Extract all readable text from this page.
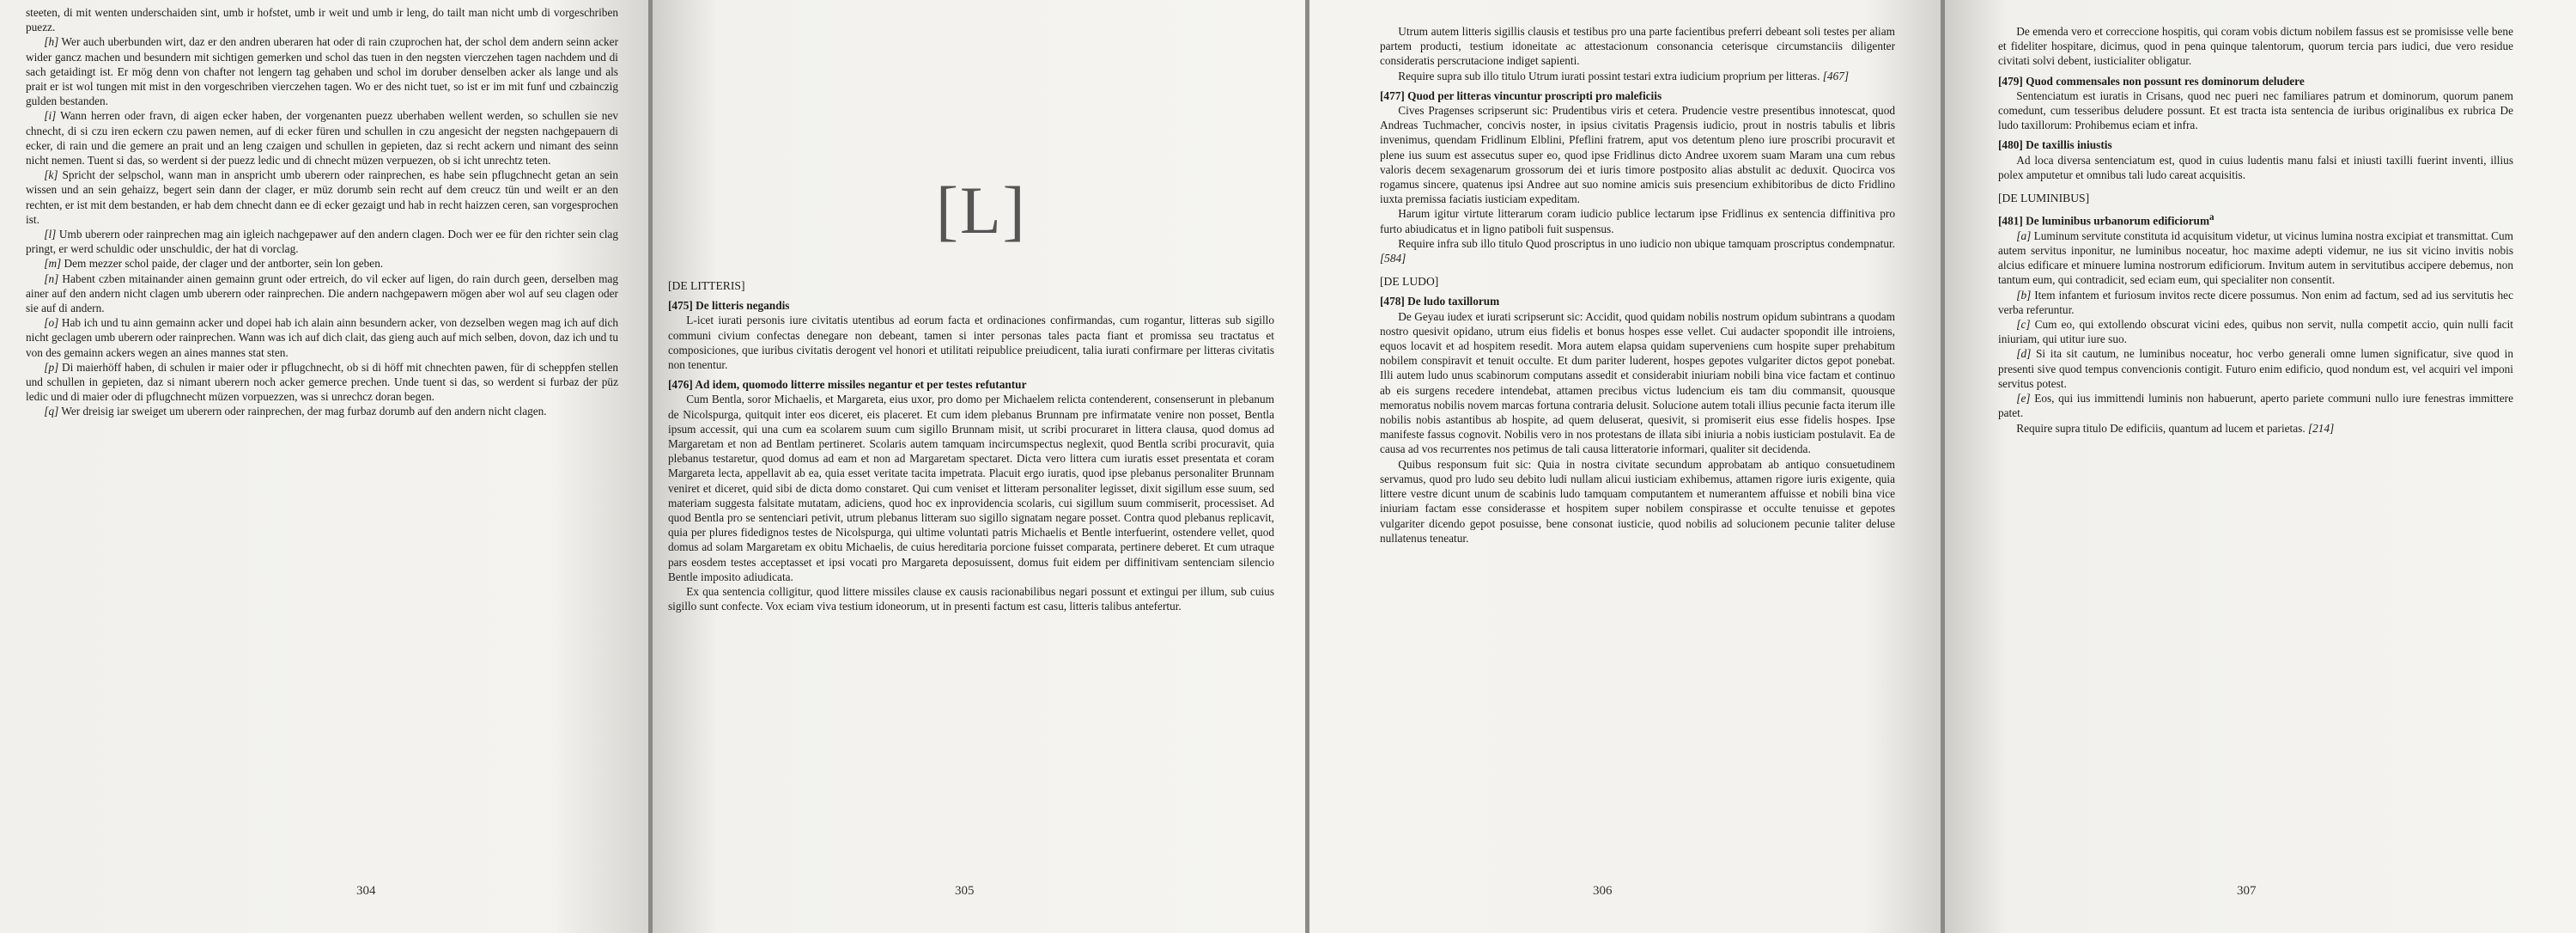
steeten, di mit wenten underschaiden sint, umb ir hofstet, umb ir weit und umb ir leng, do tailt man nicht umb di vorgeschriben puezz.

[h] Wer auch uberbunden wirt, daz er den andren uberaren hat oder di rain czuprochen hat, der schol dem andern seinn acker wider gancz machen und besundern mit sichtigen gemerken und schol das tuen in den negsten vierczehen tagen nachdem und di sach getaidingt ist. Er mög denn von chafter not lengern tag gehaben und schol im doruber denselben acker als lange und als prait er ist wol tungen mit mist in den vorgeschriben vierczehen tagen. Wo er des nicht tuet, so ist er im mit funf und czbainczig gulden bestanden.

[i] Wann herren oder fravn, di aigen ecker haben, der vorgenanten puezz uberhaben wellent werden, so schullen sie nev chnecht, di si czu iren eckern czu pawen nemen, auf di ecker füren und schullen in czu angesicht der negsten nachgepauern di ecker, di rain und die gemere an prait und an leng czaigen und schullen in gepieten, daz si recht ackern und nimant des seinn nicht nemen. Tuent si das, so werdent si der puezz ledic und di chnecht müzen verpuezen, ob si icht unrechtz teten.

[k] Spricht der selpschol, wann man in anspricht umb uberern oder rainprechen, es habe sein pflugchnecht getan an sein wissen und an sein gehaizz, begert sein dann der clager, er müz dorumb sein recht auf dem creucz tün und weilt er an den rechten, er ist mit dem bestanden, er hab dem chnecht dann ee di ecker gezaigt und hab in recht haizzen ceren, san vorgesprochen ist.

[l] Umb uberern oder rainprechen mag ain igleich nachgepawer auf den andern clagen. Doch wer ee für den richter sein clag pringt, er werd schuldic oder unschuldic, der hat di vorclag.

[m] Dem mezzer schol paide, der clager und der antborter, sein lon geben.

[n] Habent czben mitainander ainen gemainn grunt oder ertreich, do vil ecker auf ligen, do rain durch geen, derselben mag ainer auf den andern nicht clagen umb uberern oder rainprechen. Die andern nachgepawern mögen aber wol auf seu clagen oder sie auf di andern.

[o] Hab ich und tu ainn gemainn acker und dopei hab ich alain ainn besundern acker, von dezselben wegen mag ich auf dich nicht geclagen umb uberern oder rainprechen. Wann was ich auf dich clait, das gieng auch auf mich selben, dovon, daz ich und tu von des gemainn ackers wegen an aines mannes stat sten.

[p] Di maierhöff haben, di schulen ir maier oder ir pflugchnecht, ob si di höff mit chnechten pawen, für di scheppfen stellen und schullen in gepieten, daz si nimant uberern noch acker gemerce prechen. Unde tuent si das, so werdent si furbaz der püz ledic und di maier oder di pflugchnecht müzen vorpuezzen, was si unrechcz doran begen.

[q] Wer dreisig iar sweiget um uberern oder rainprechen, der mag furbaz dorumb auf den andern nicht clagen.

304
[L]
[DE LITTERIS]
[475] De litteris negandis

L-icet iurati personis iure civitatis utentibus ad eorum facta et ordinaciones confirmandas, cum rogantur, litteras sub sigillo communi civium confectas denegare non debeant, tamen si inter personas tales pacta fiant et promissa seu tractatus et composiciones, que iuribus civitatis derogent vel honori et utilitati reipublice preiudicent, talia iurati confirmare per litteras civitatis non tenentur.

[476] Ad idem, quomodo litterre missiles negantur et per testes refutantur

Cum Bentla, soror Michaelis, et Margareta, eius uxor, pro domo per Michaelem relicta contenderent, consenserunt in plebanum de Nicolspurga, quitquit inter eos diceret, eis placeret. Et cum idem plebanus Brunnam pre infirmatate venire non posset, Bentla ipsum accessit, qui una cum ea scolarem suum cum sigillo Brunnam misit, ut scribi procuraret in littera clausa, quod domus ad Margaretam et non ad Bentlam pertineret. Scolaris autem tamquam incircumspectus neglexit, quod Bentla scribi procuravit, quia plebanus testaretur, quod domus ad eam et non ad Margaretam spectaret. Dicta vero littera cum iuratis esset presentata et coram Margareta lecta, appellavit ab ea, quia esset veritate tacita impetrata. Placuit ergo iuratis, quod ipse plebanus personaliter Brunnam veniret et diceret, quid sibi de dicta domo constaret. Qui cum veniset et litteram personaliter legisset, dixit sigillum esse suum, sed materiam suggesta falsitate mutatam, adiciens, quod hoc ex inprovidencia scolaris, cui sigillum suum commiserit, processiset. Ad quod Bentla pro se sentenciari petivit, utrum plebanus litteram suo sigillo signatam negare posset. Contra quod plebanus replicavit, quia per plures fidedignos testes de Nicolspurga, qui ultime voluntati patris Michaelis et Bentle interfuerint, ostendere vellet, quod domus ad solam Margaretam ex obitu Michaelis, de cuius hereditaria porcione fuisset comparata, pertinere deberet. Et cum utraque pars eosdem testes acceptasset et ipsi vocati pro Margareta deposuissent, domus fuit eidem per diffinitivam sentenciam silencio Bentle imposito adiudicata.

Ex qua sentencia colligitur, quod littere missiles clause ex causis racionabilibus negari possunt et extingui per illum, sub cuius sigillo sunt confecte. Vox eciam viva testium idoneorum, ut in presenti factum est casu, litteris talibus antefertur.

305

Utrum autem litteris sigillis clausis et testibus pro una parte facientibus preferri debeant soli testes per aliam partem producti, testium idoneitate ac attestacionum consonancia ceterisque circumstanciis diligenter consideratis perscrutacione indiget sapienti.

Require supra sub illo titulo Utrum iurati possint testari extra iudicium proprium per litteras. [467]

[477] Quod per litteras vincuntur proscripti pro maleficiis

Cives Pragenses scripserunt sic: Prudentibus viris et cetera. Prudencie vestre presentibus innotescat, quod Andreas Tuchmacher, concivis noster, in ipsius civitatis Pragensis iudicio, prout in nostris tabulis et libris invenimus, quendam Fridlinum Elblini, Pfeflini fratrem, aput vos detentum pleno iure proscribi procuravit et plene ius suum est assecutus super eo, quod ipse Fridlinus dicto Andree uxorem suam Maram una cum rebus valoris decem sexagenarum grossorum dei et iuris timore postposito alias abstulit ac deduxit. Quocirca vos rogamus sincere, quatenus ipsi Andree aut suo nomine amicis suis presencium exhibitoribus de dicto Fridlino iuxta premissa faciatis iusticiam expeditam.

Harum igitur virtute litterarum coram iudicio publice lectarum ipse Fridlinus ex sentencia diffinitiva pro furto abiudicatus et in ligno patiboli fuit suspensus.

Require infra sub illo titulo Quod proscriptus in uno iudicio non ubique tamquam proscriptus condempnatur. [584]

[DE LUDO]
[478] De ludo taxillorum

De Geyau iudex et iurati scripserunt sic: Accidit, quod quidam nobilis nostrum opidum subintrans a quodam nostro quesivit opidano, utrum eius fidelis et bonus hospes esse vellet. Cui audacter spopondit ille introiens, equos locavit et ad hospitem resedit. Mora autem elapsa quidam superveniens cum hospite super prehabitum nobilem conspiravit et tenuit occulte. Et dum pariter luderent, hospes gepotes vulgariter dictos gepot ponebat. Illi autem ludo unus scabinorum computans assedit et considerabit iniuriam nobili bina vice factam et continuo ab eis surgens recedere intendebat, attamen precibus victus ludencium eis tam diu commansit, quousque memoratus nobilis novem marcas fortuna contraria delusit. Solucione autem totali illius pecunie facta iterum ille nobilis nobis astantibus ab hospite, ad quem deluserat, quesivit, si promiserit eius esse fidelis hospes. Ipse manifeste fassus cognovit. Nobilis vero in nos protestans de illata sibi iniuria a nobis iusticiam postulavit. Ea de causa ad vos recurrentes nos petimus de tali causa litteratorie informari, qualiter sit decidenda.

Quibus responsum fuit sic: Quia in nostra civitate secundum approbatam ab antiquo consuetudinem servamus, quod pro ludo seu debito ludi nullam alicui iusticiam exhibemus, attamen rigore iuris exigente, quia littere vestre dicunt unum de scabinis ludo tamquam computantem et numerantem affuisse et nobili bina vice iniuriam factam esse considerasse et hospitem super nobilem conspirasse et occulte tenuisse et gepotes vulgariter dicendo gepot posuisse, bene consonat iusticie, quod nobilis ad solucionem pecunie taliter deluse nullatenus teneatur.

306

De emenda vero et correccione hospitis, qui coram vobis dictum nobilem fassus est se promisisse velle bene et fideliter hospitare, dicimus, quod in pena quinque talentorum, quorum tercia pars iudici, due vero residue civitati solvi debent, iusticialiter obligatur.

[479] Quod commensales non possunt res dominorum deludere

Sentenciatum est iuratis in Crisans, quod nec pueri nec familiares patrum et dominorum, quorum panem comedunt, cum tesseribus deludere possunt. Et est tracta ista sentencia de iuribus originalibus ex rubrica De ludo taxillorum: Prohibemus eciam et infra.

[480] De taxillis iniustis

Ad loca diversa sentenciatum est, quod in cuius ludentis manu falsi et iniusti taxilli fuerint inventi, illius polex amputetur et omnibus tali ludo careat acquisitis.

[DE LUMINIBUS]
[481] De luminibus urbanorum edificiorum$^a$

[a] Luminum servitute constituta id acquisitum videtur, ut vicinus lumina nostra excipiat et transmittat. Cum autem servitus inponitur, ne luminibus noceatur, hoc maxime adepti videmur, ne ius sit vicino invitis nobis alcius edificare et minuere lumina nostrorum edificiorum. Invitum autem in servitutibus accipere debemus, non tantum eum, qui contradicit, sed eciam eum, qui specialiter non consentit.

[b] Item infantem et furiosum invitos recte dicere possumus. Non enim ad factum, sed ad ius servitutis hec verba referuntur.

[c] Cum eo, qui extollendo obscurat vicini edes, quibus non servit, nulla competit accio, quin nulli facit iniuriam, qui utitur iure suo.

[d] Si ita sit cautum, ne luminibus noceatur, hoc verbo generali omne lumen significatur, sive quod in presenti sive quod tempus convencionis contigit. Futuro enim edificio, quod nondum est, vel acquiri vel imponi servitus potest.

[e] Eos, qui ius immittendi luminis non habuerunt, aperto pariete communi nullo iure fenestras immittere patet.

Require supra titulo De edificiis, quantum ad lucem et parietas. [214]

307
